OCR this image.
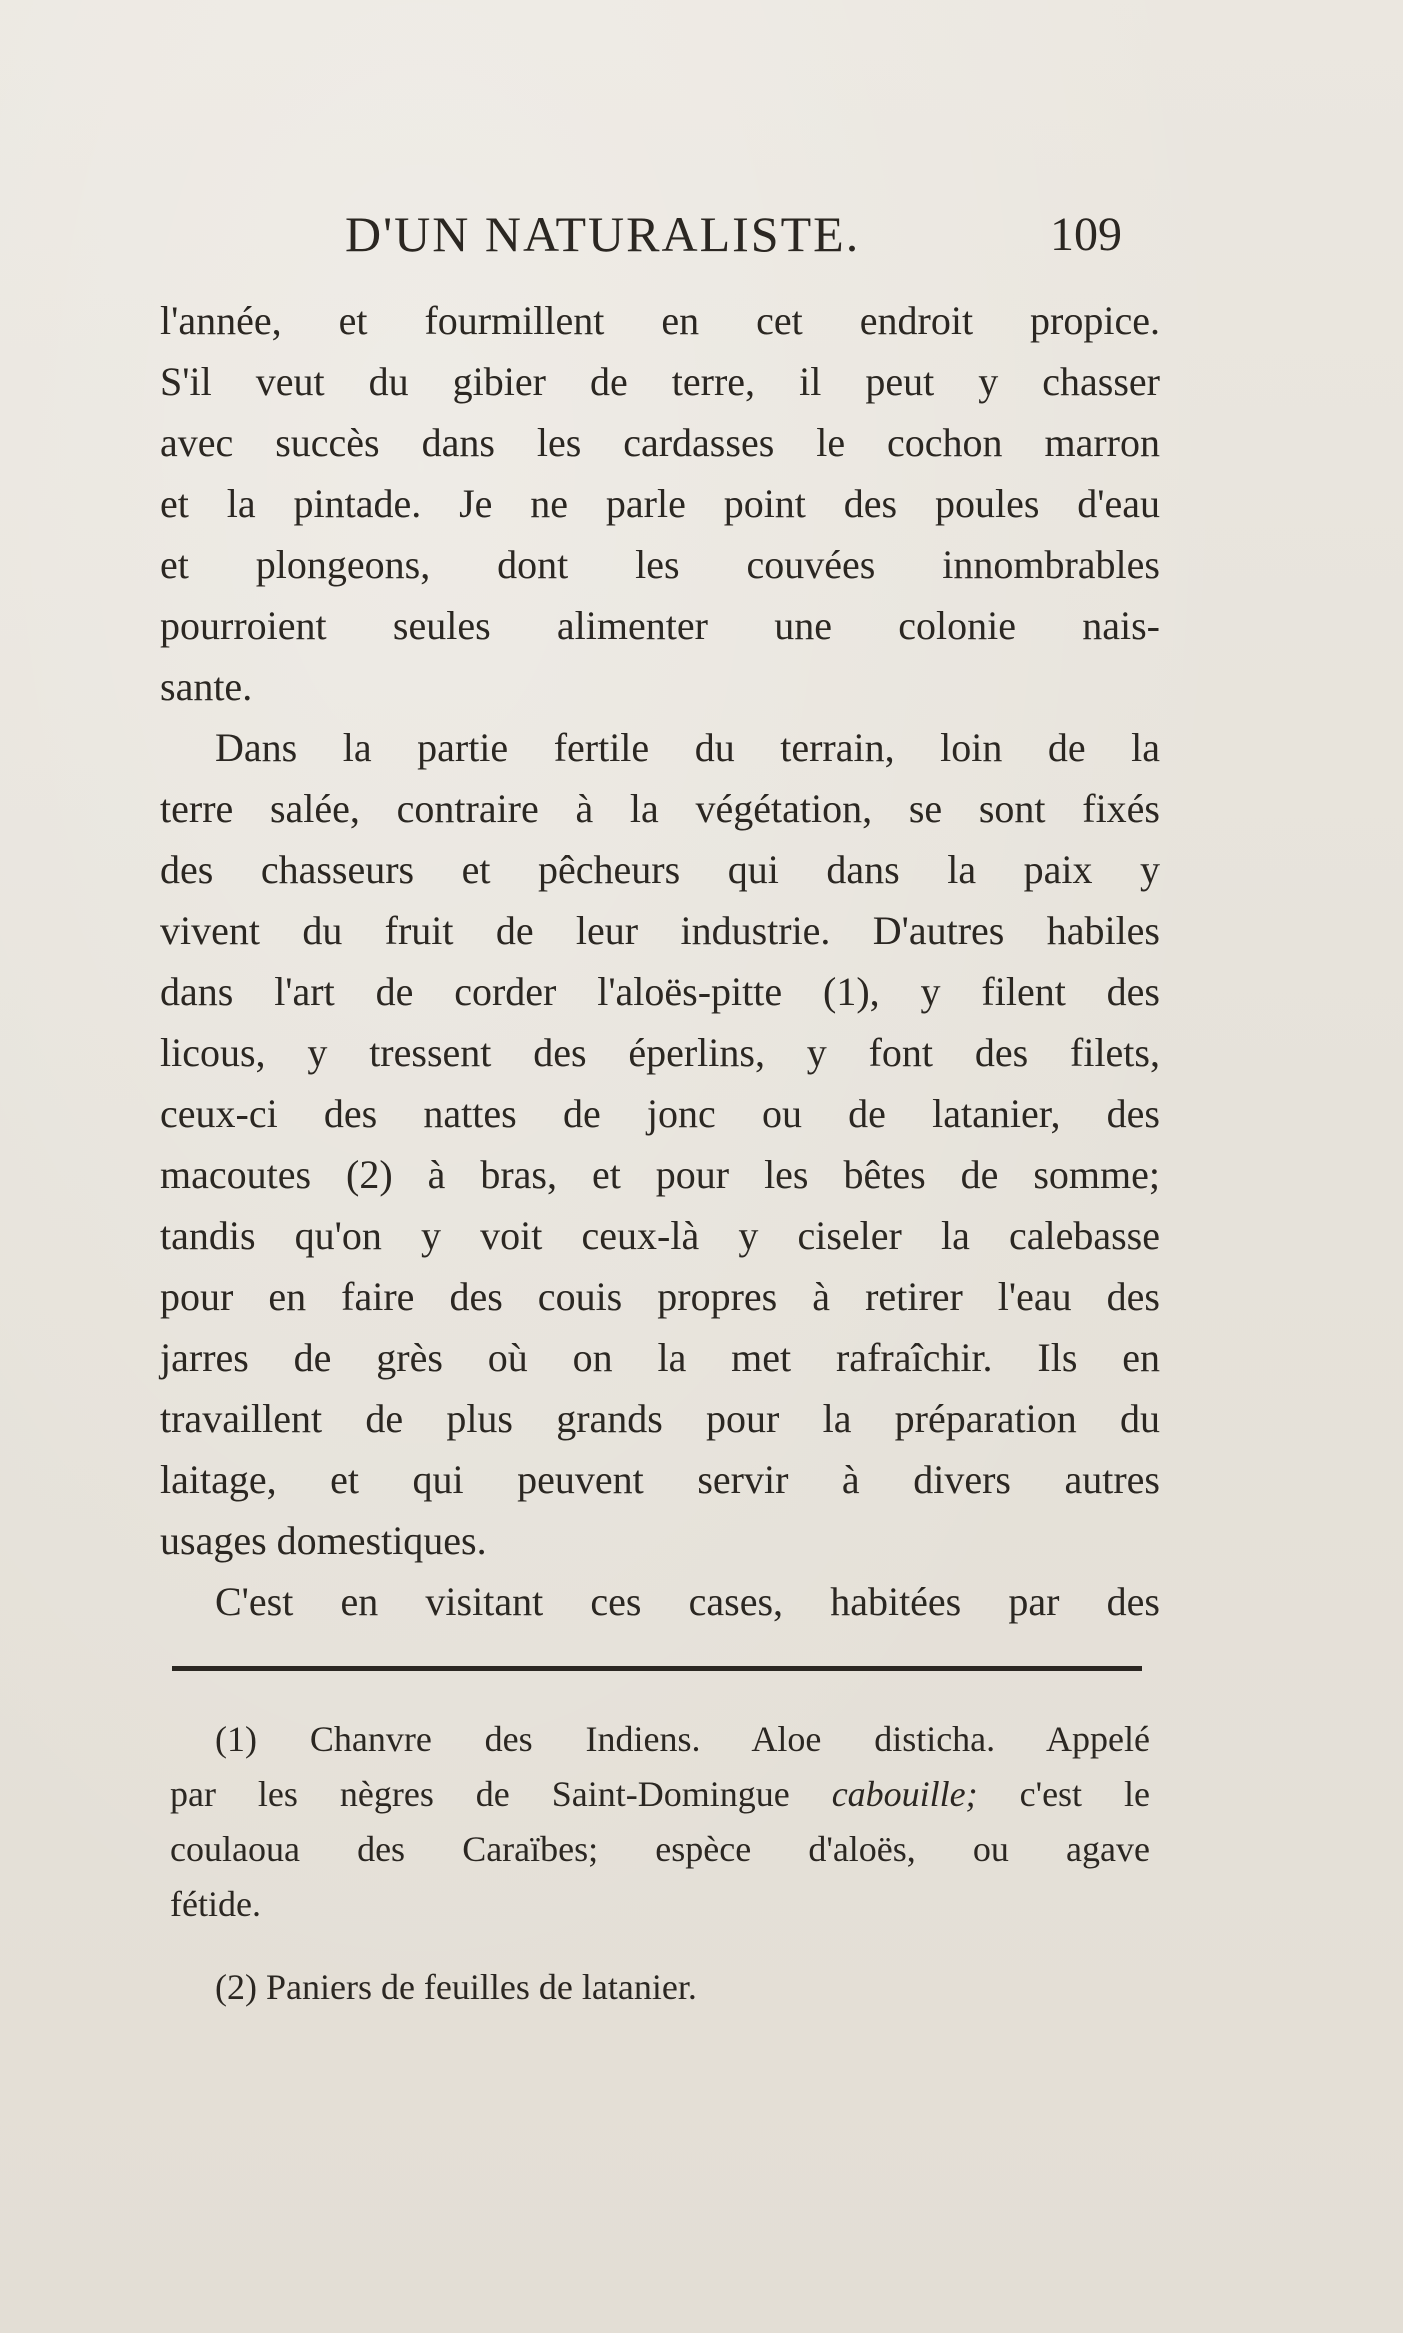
D'UN NATURALISTE.	109
l'année, et fourmillent en cet endroit propice.
S'il veut du gibier de terre, il peut y chasser
avec succès dans les cardasses le cochon marron
et la pintade. Je ne parle point des poules d'eau
et plongeons, dont les couvées innombrables
pourroient seules alimenter une colonie nais-
sante.
Dans la partie fertile du terrain, loin de la
terre salée, contraire à la végétation, se sont fixés
des chasseurs et pêcheurs qui dans la paix y
vivent du fruit de leur industrie. D'autres habiles
dans l'art de corder l'aloës-pitte (1), y filent des
licous, y tressent des éperlins, y font des filets,
ceux-ci des nattes de jonc ou de latanier, des
macoutes (2) à bras, et pour les bêtes de somme;
tandis qu'on y voit ceux-là y ciseler la calebasse
pour en faire des couis propres à retirer l'eau des
jarres de grès où on la met rafraîchir. Ils en
travaillent de plus grands pour la préparation du
laitage, et qui peuvent servir à divers autres
usages domestiques.
C'est en visitant ces cases, habitées par des
(1) Chanvre des Indiens. Aloe disticha. Appelé
par les nègres de Saint-Domingue cabouille; c'est le
coulaoua des Caraïbes; espèce d'aloës, ou agave
fétide.
(2) Paniers de feuilles de latanier.
